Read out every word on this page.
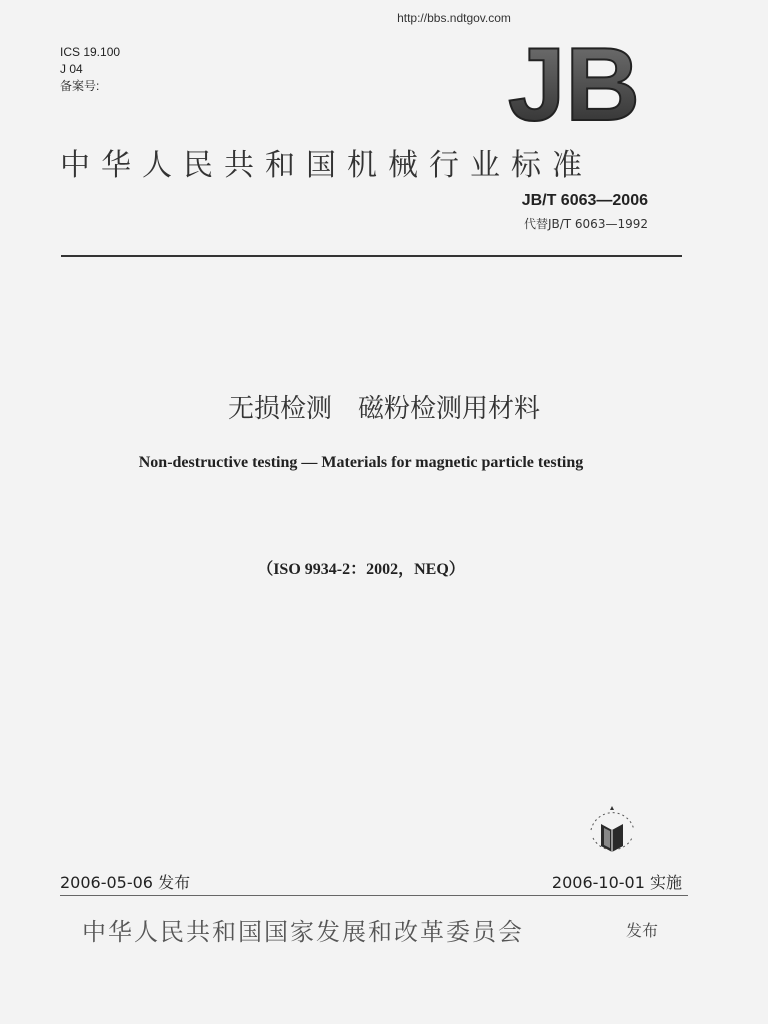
http://bbs.ndtgov.com
ICS 19.100
J 04
备案号:	JB
中华人民共和国机械行业标准
JB/T 6063—2006
代替JB/T 6063—1992
无损检测　磁粉检测用材料
Non-destructive testing — Materials for magnetic particle testing
（ISO 9934-2：2002，NEQ）
2006-05-06 发布	2006-10-01 实施
中华人民共和国国家发展和改革委员会	发布
